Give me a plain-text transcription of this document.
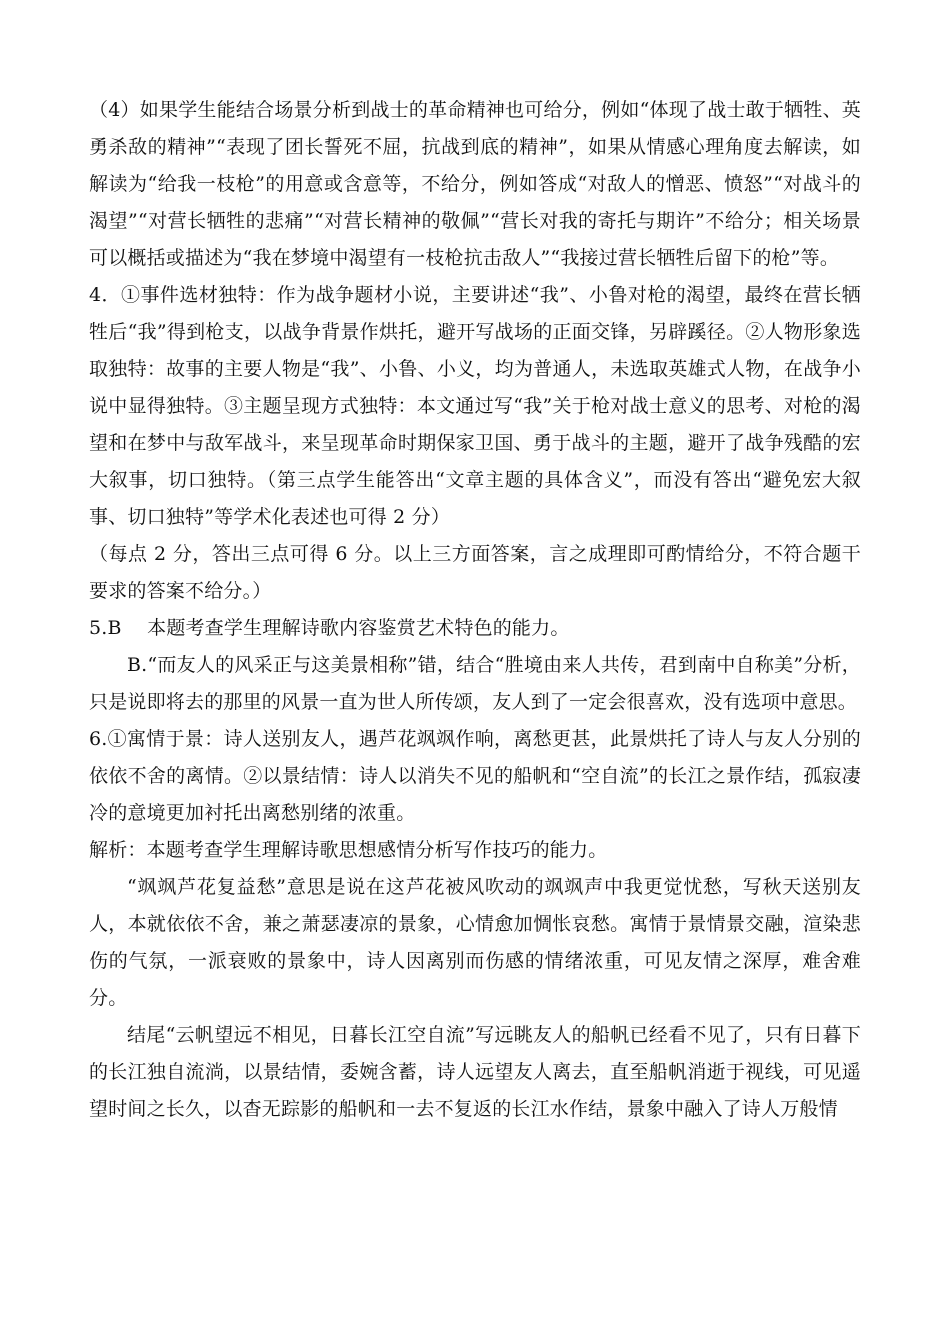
（4）如果学生能结合场景分析到战士的革命精神也可给分，例如“体现了战士敢于牺牲、英勇杀敌的精神”“表现了团长誓死不屈，抗战到底的精神”，如果从情感心理角度去解读，如解读为“给我一枝枪”的用意或含意等，不给分，例如答成“对敌人的憎恶、愤怒”“对战斗的渴望”“对营长牺牲的悲痛”“对营长精神的敬佩”“营长对我的寄托与期许”不给分；相关场景可以概括或描述为“我在梦境中渴望有一枝枪抗击敌人”“我接过营长牺牲后留下的枪”等。

4．①事件选材独特：作为战争题材小说，主要讲述“我”、小鲁对枪的渴望，最终在营长牺牲后“我”得到枪支，以战争背景作烘托，避开写战场的正面交锋，另辟蹊径。②人物形象选取独特：故事的主要人物是“我”、小鲁、小义，均为普通人，未选取英雄式人物，在战争小说中显得独特。③主题呈现方式独特：本文通过写“我”关于枪对战士意义的思考、对枪的渴望和在梦中与敌军战斗，来呈现革命时期保家卫国、勇于战斗的主题，避开了战争残酷的宏大叙事，切口独特。（第三点学生能答出“文章主题的具体含义”，而没有答出“避免宏大叙事、切口独特”等学术化表述也可得 2 分）

（每点 2 分，答出三点可得 6 分。以上三方面答案，言之成理即可酌情给分，不符合题干要求的答案不给分。）

5.B　 本题考查学生理解诗歌内容鉴赏艺术特色的能力。

B.“而友人的风采正与这美景相称”错，结合“胜境由来人共传，君到南中自称美”分析，只是说即将去的那里的风景一直为世人所传颂，友人到了一定会很喜欢，没有选项中意思。

6.①寓情于景：诗人送别友人，遇芦花飒飒作响，离愁更甚，此景烘托了诗人与友人分别的依依不舍的离情。②以景结情：诗人以消失不见的船帆和“空自流”的长江之景作结，孤寂凄冷的意境更加衬托出离愁别绪的浓重。

解析：本题考查学生理解诗歌思想感情分析写作技巧的能力。

“飒飒芦花复益愁”意思是说在这芦花被风吹动的飒飒声中我更觉忧愁，写秋天送别友人，本就依依不舍，兼之萧瑟凄凉的景象，心情愈加惆怅哀愁。寓情于景情景交融，渲染悲伤的气氛，一派衰败的景象中，诗人因离别而伤感的情绪浓重，可见友情之深厚，难舍难分。

结尾“云帆望远不相见，日暮长江空自流”写远眺友人的船帆已经看不见了，只有日暮下的长江独自流淌，以景结情，委婉含蓄，诗人远望友人离去，直至船帆消逝于视线，可见遥望时间之长久，以杳无踪影的船帆和一去不复返的长江水作结，景象中融入了诗人万般情
